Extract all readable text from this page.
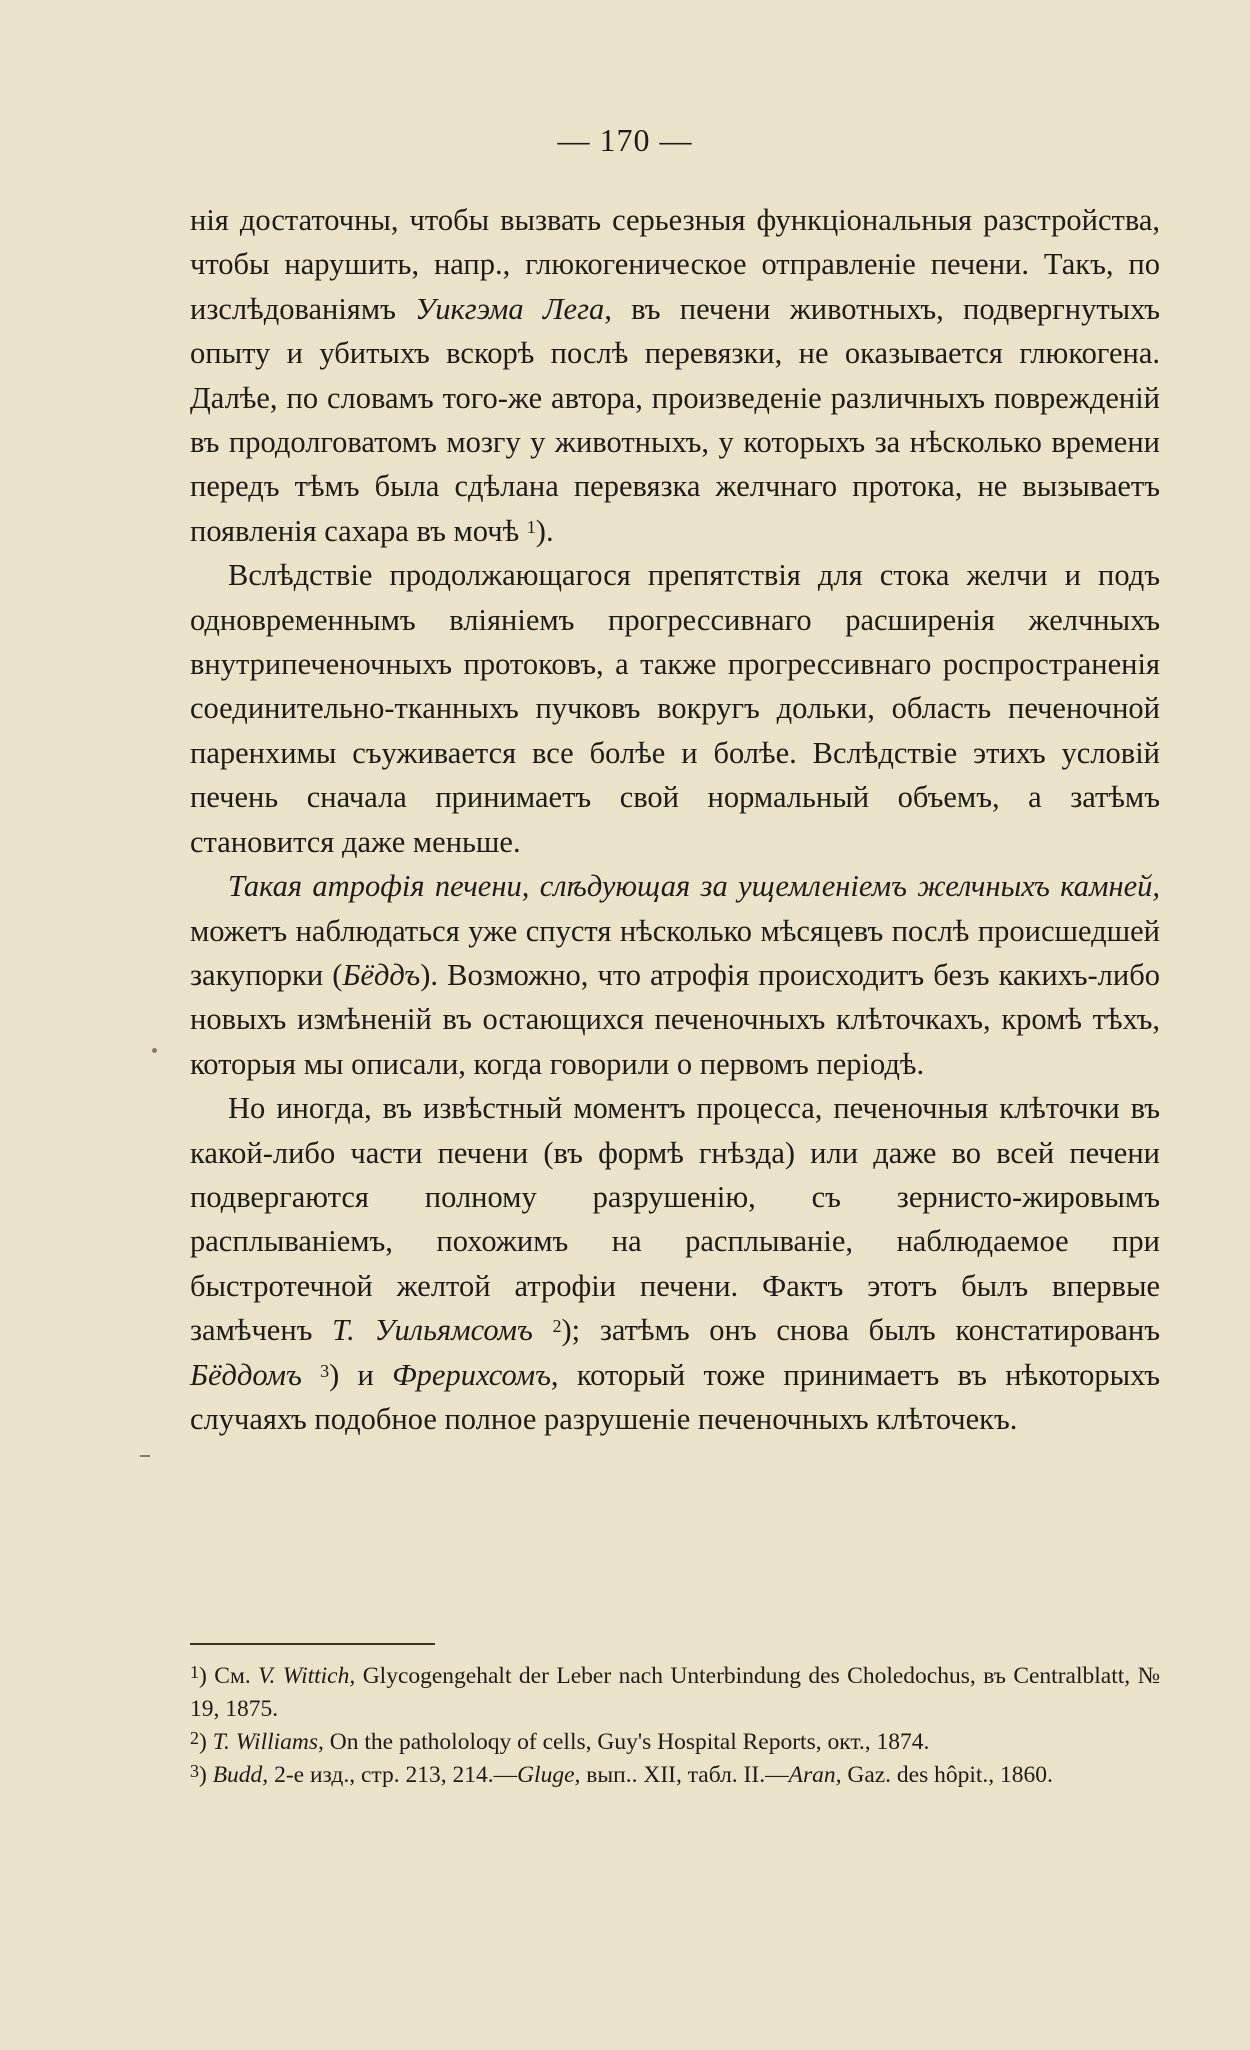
— 170 —

нія достаточны, чтобы вызвать серьезныя функціональныя разстройства, чтобы нарушить, напр., глюкогеническое отправленіе печени. Такъ, по изслѣдованіямъ Уикгэма Лега, въ печени животныхъ, подвергнутыхъ опыту и убитыхъ вскорѣ послѣ перевязки, не оказывается глюкогена. Далѣе, по словамъ того-же автора, произведеніе различныхъ поврежденій въ продолговатомъ мозгу у животныхъ, у которыхъ за нѣсколько времени передъ тѣмъ была сдѣлана перевязка желчнаго протока, не вызываетъ появленія сахара въ мочѣ $^1$).

Вслѣдствіе продолжающагося препятствія для стока желчи и подъ одновременнымъ вліяніемъ прогрессивнаго расширенія желчныхъ внутрипеченочныхъ протоковъ, а также прогрессивнаго роспространенія соединительно-тканныхъ пучковъ вокругъ дольки, область печеночной паренхимы съуживается все болѣе и болѣе. Вслѣдствіе этихъ условій печень сначала принимаетъ свой нормальный объемъ, а затѣмъ становится даже меньше.

Такая атрофія печени, слѣдующая за ущемленіемъ желчныхъ камней, можетъ наблюдаться уже спустя нѣсколько мѣсяцевъ послѣ происшедшей закупорки (Бёддъ). Возможно, что атрофія происходитъ безъ какихъ-либо новыхъ измѣненій въ остающихся печеночныхъ клѣточкахъ, кромѣ тѣхъ, которыя мы описали, когда говорили о первомъ періодѣ.

Но иногда, въ извѣстный моментъ процесса, печеночныя клѣточки въ какой-либо части печени (въ формѣ гнѣзда) или даже во всей печени подвергаются полному разрушенію, съ зернисто-жировымъ расплываніемъ, похожимъ на расплываніе, наблюдаемое при быстротечной желтой атрофіи печени. Фактъ этотъ былъ впервые замѣченъ Т. Уильямсомъ $^2$); затѣмъ онъ снова былъ констатированъ Бёддомъ $^3$) и Фрерихсомъ, который тоже принимаетъ въ нѣкоторыхъ случаяхъ подобное полное разрушеніе печеночныхъ клѣточекъ.

$^1$) См. V. Wittich, Glycogengehalt der Leber nach Unterbindung des Choledochus, въ Centralblatt, № 19, 1875.

$^2$) T. Williams, On the pathololoqy of cells, Guy's Hospital Reports, окт., 1874.

$^3$) Budd, 2-е изд., стр. 213, 214.—Gluge, вып.. XII, табл. II.—Aran, Gaz. des hôpit., 1860.
